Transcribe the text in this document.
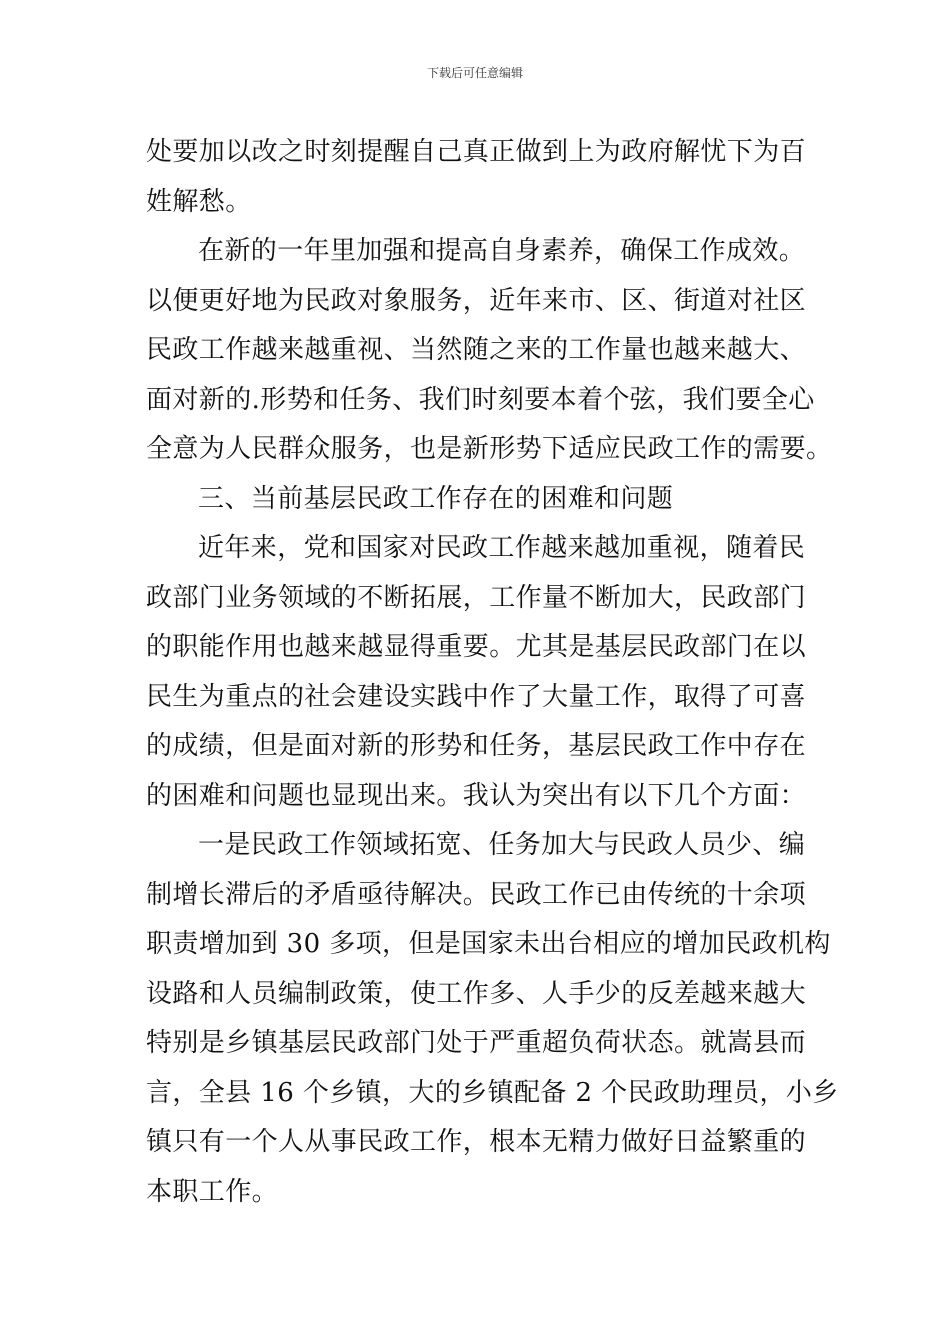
下载后可任意编辑
处要加以改之时刻提醒自己真正做到上为政府解忧下为百
姓解愁。
在新的一年里加强和提高自身素养，确保工作成效。
以便更好地为民政对象服务，近年来市、区、街道对社区
民政工作越来越重视、当然随之来的工作量也越来越大、
面对新的.形势和任务、我们时刻要本着个弦，我们要全心
全意为人民群众服务，也是新形势下适应民政工作的需要。
三、当前基层民政工作存在的困难和问题
近年来，党和国家对民政工作越来越加重视，随着民
政部门业务领域的不断拓展，工作量不断加大，民政部门
的职能作用也越来越显得重要。尤其是基层民政部门在以
民生为重点的社会建设实践中作了大量工作，取得了可喜
的成绩，但是面对新的形势和任务，基层民政工作中存在
的困难和问题也显现出来。我认为突出有以下几个方面：
一是民政工作领域拓宽、任务加大与民政人员少、编
制增长滞后的矛盾亟待解决。民政工作已由传统的十余项
职责增加到 30 多项，但是国家未出台相应的增加民政机构
设路和人员编制政策，使工作多、人手少的反差越来越大
特别是乡镇基层民政部门处于严重超负荷状态。就嵩县而
言，全县 16 个乡镇，大的乡镇配备 2 个民政助理员，小乡
镇只有一个人从事民政工作，根本无精力做好日益繁重的
本职工作。
